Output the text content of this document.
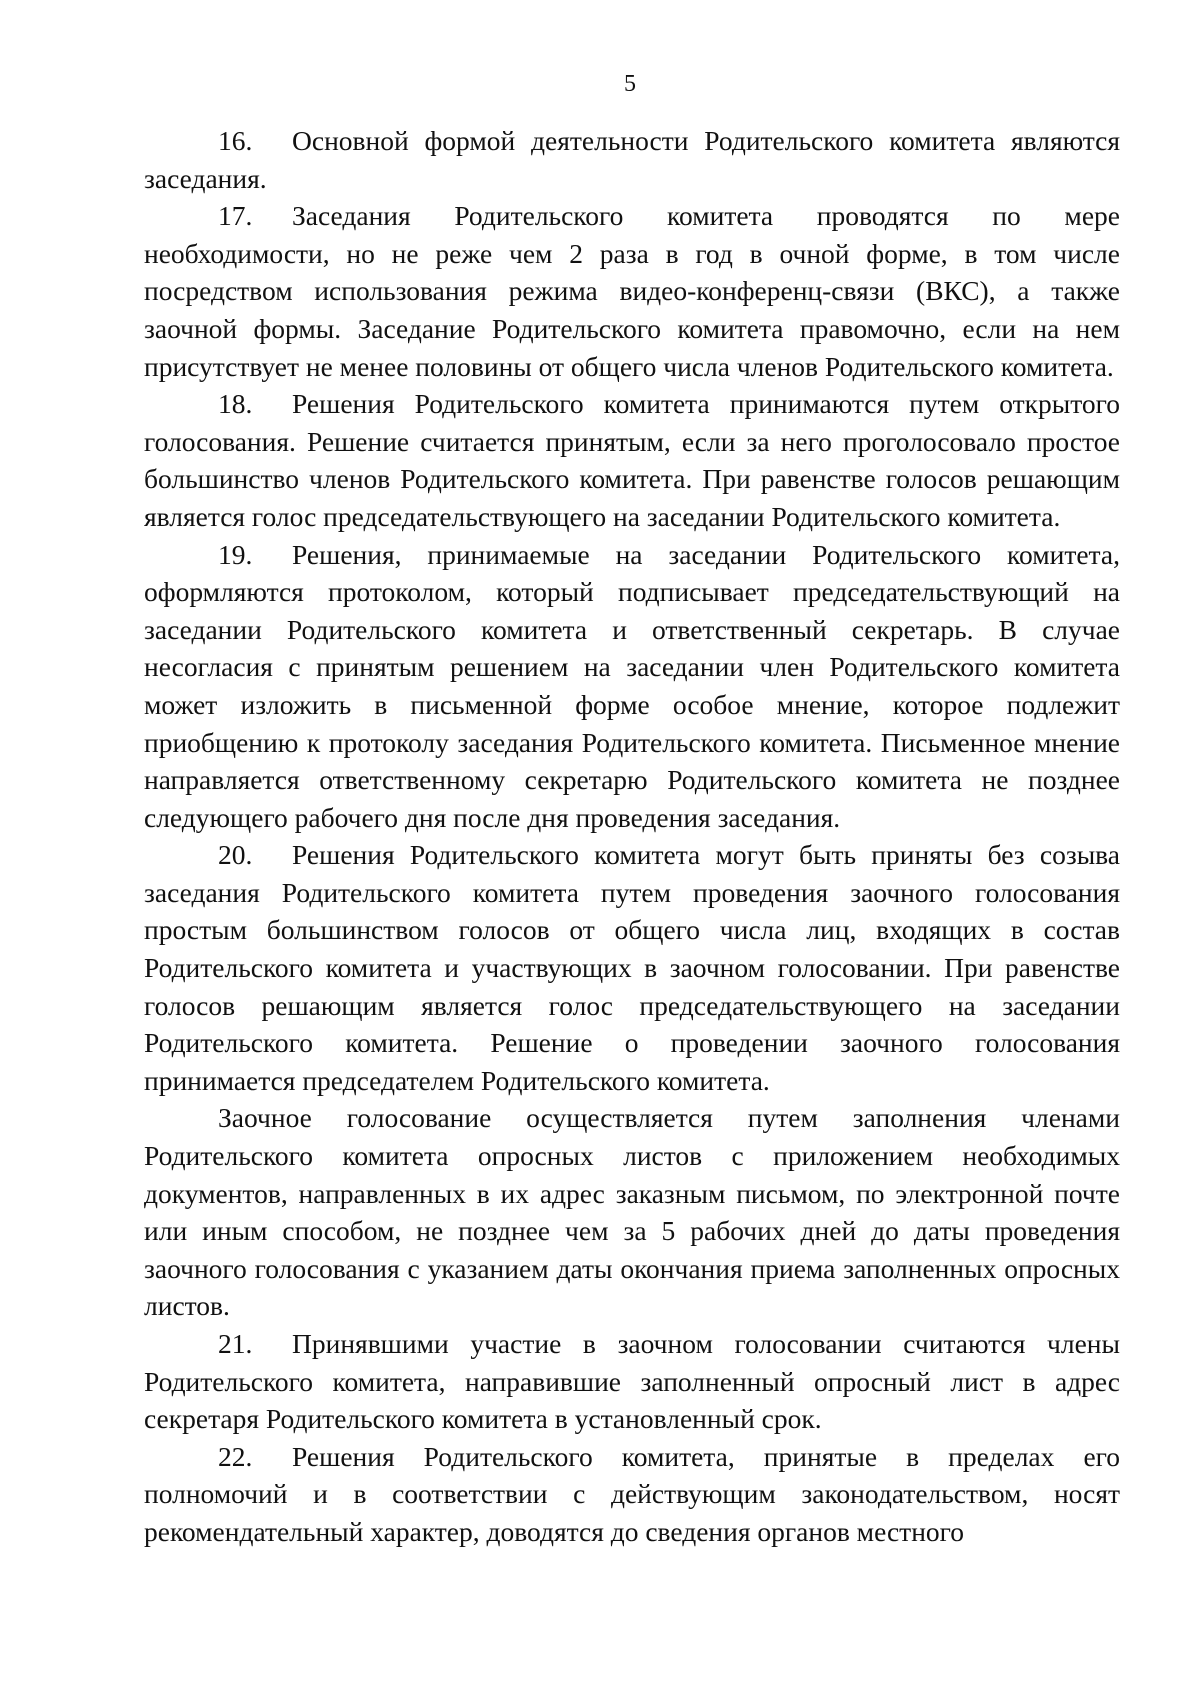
5

16. Основной формой деятельности Родительского комитета являются заседания.

17. Заседания Родительского комитета проводятся по мере необходимости, но не реже чем 2 раза в год в очной форме, в том числе посредством использования режима видео-конференц-связи (ВКС), а также заочной формы. Заседание Родительского комитета правомочно, если на нем присутствует не менее половины от общего числа членов Родительского комитета.

18. Решения Родительского комитета принимаются путем открытого голосования. Решение считается принятым, если за него проголосовало простое большинство членов Родительского комитета. При равенстве голосов решающим является голос председательствующего на заседании Родительского комитета.

19. Решения, принимаемые на заседании Родительского комитета, оформляются протоколом, который подписывает председательствующий на заседании Родительского комитета и ответственный секретарь. В случае несогласия с принятым решением на заседании член Родительского комитета может изложить в письменной форме особое мнение, которое подлежит приобщению к протоколу заседания Родительского комитета. Письменное мнение направляется ответственному секретарю Родительского комитета не позднее следующего рабочего дня после дня проведения заседания.

20. Решения Родительского комитета могут быть приняты без созыва заседания Родительского комитета путем проведения заочного голосования простым большинством голосов от общего числа лиц, входящих в состав Родительского комитета и участвующих в заочном голосовании. При равенстве голосов решающим является голос председательствующего на заседании Родительского комитета. Решение о проведении заочного голосования принимается председателем Родительского комитета.

Заочное голосование осуществляется путем заполнения членами Родительского комитета опросных листов с приложением необходимых документов, направленных в их адрес заказным письмом, по электронной почте или иным способом, не позднее чем за 5 рабочих дней до даты проведения заочного голосования с указанием даты окончания приема заполненных опросных листов.

21. Принявшими участие в заочном голосовании считаются члены Родительского комитета, направившие заполненный опросный лист в адрес секретаря Родительского комитета в установленный срок.

22. Решения Родительского комитета, принятые в пределах его полномочий и в соответствии с действующим законодательством, носят рекомендательный характер, доводятся до сведения органов местного
